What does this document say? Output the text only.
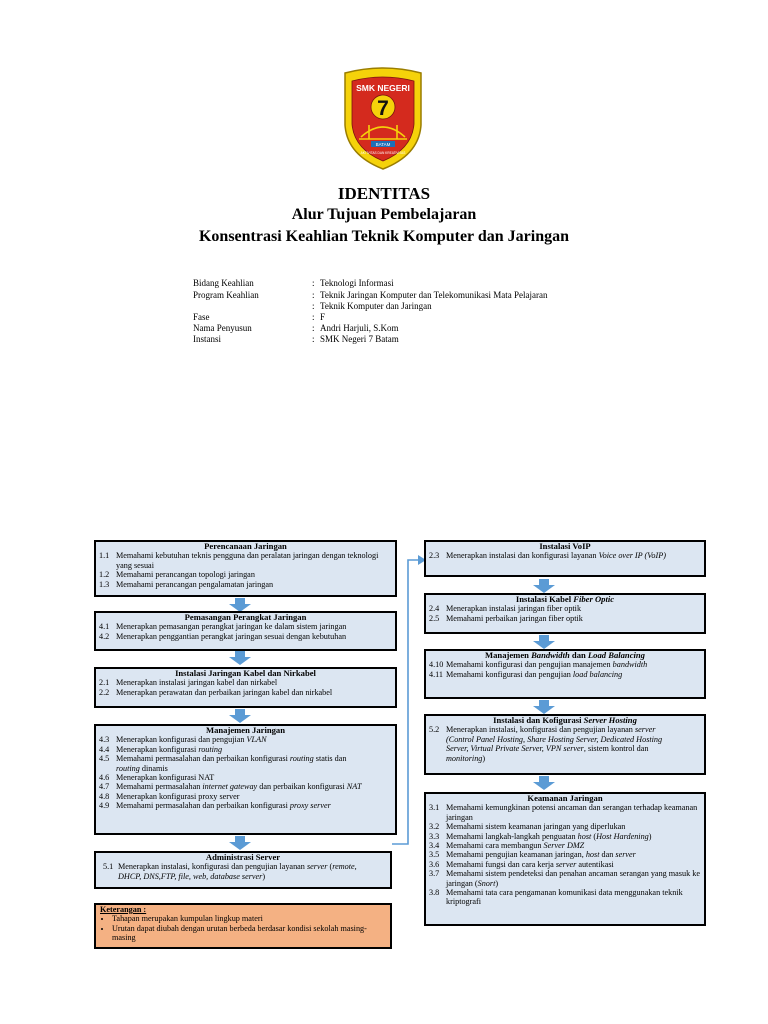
SMK NEGERI
7
BATAM
AKTIVITAS DAN KREATIVITAS
IDENTITAS
Alur Tujuan Pembelajaran
Konsentrasi Keahlian Teknik Komputer dan Jaringan
Bidang Keahlian	: Teknologi Informasi
Program Keahlian	: Teknik Jaringan Komputer dan Telekomunikasi Mata Pelajaran
: Teknik Komputer dan Jaringan
Fase	: F
Nama Penyusun	: Andri Harjuli, S.Kom
Instansi	: SMK Negeri 7 Batam
Perencanaan Jaringan
1.1 Memahami kebutuhan teknis pengguna dan peralatan jaringan dengan teknologi yang sesuai
1.2 Memahami perancangan topologi jaringan
1.3 Memahami perancangan pengalamatan jaringan
Pemasangan Perangkat Jaringan
4.1 Menerapkan pemasangan perangkat jaringan ke dalam sistem jaringan
4.2 Menerapkan penggantian perangkat jaringan sesuai dengan kebutuhan
Instalasi Jaringan Kabel dan Nirkabel
2.1 Menerapkan instalasi jaringan kabel dan nirkabel
2.2 Menerapkan perawatan dan perbaikan jaringan kabel dan nirkabel
Manajemen Jaringan
4.3 Menerapkan konfigurasi dan pengujian VLAN
4.4 Menerapkan konfigurasi routing
4.5 Memahami permasalahan dan perbaikan konfigurasi routing statis dan
routing dinamis
4.6 Menerapkan konfigurasi NAT
4.7 Memahami permasalahan internet gateway dan perbaikan konfigurasi NAT
4.8 Menerapkan konfigurasi proxy server
4.9 Memahami permasalahan dan perbaikan konfigurasi proxy server
Administrasi Server
5.1 Menerapkan instalasi, konfigurasi dan pengujian layanan server (remote,
DHCP, DNS,FTP, file, web, database server)
Keterangan :
• Tahapan merupakan kumpulan lingkup materi
• Urutan dapat diubah dengan urutan berbeda berdasar kondisi sekolah masing-masing
Instalasi VoIP
2.3 Menerapkan instalasi dan konfigurasi layanan Voice over IP (VoIP)
Instalasi Kabel Fiber Optic
2.4 Menerapkan instalasi jaringan fiber optik
2.5 Memahami perbaikan jaringan fiber optik
Manajemen Bandwidth dan Load Balancing
4.10 Memahami konfigurasi dan pengujian manajemen bandwidth
4.11 Memahami konfigurasi dan pengujian load balancing
Instalasi dan Kofigurasi Server Hosting
5.2 Menerapkan instalasi, konfigurasi dan pengujian layanan server
(Control Panel Hosting, Share Hosting Server, Dedicated Hosting
Server, Virtual Private Server, VPN server, sistem kontrol dan
monitoring)
Keamanan Jaringan
3.1 Memahami kemungkinan potensi ancaman dan serangan terhadap keamanan jaringan
3.2 Memahami sistem keamanan jaringan yang diperlukan
3.3 Memahami langkah-langkah penguatan host (Host Hardening)
3.4 Memahami cara membangun Server DMZ
3.5 Memahami pengujian keamanan jaringan, host dan server
3.6 Memahami fungsi dan cara kerja server autentikasi
3.7 Memahami sistem pendeteksi dan penahan ancaman serangan yang masuk ke jaringan (Snort)
3.8 Memahami tata cara pengamanan komunikasi data menggunakan teknik kriptografi
